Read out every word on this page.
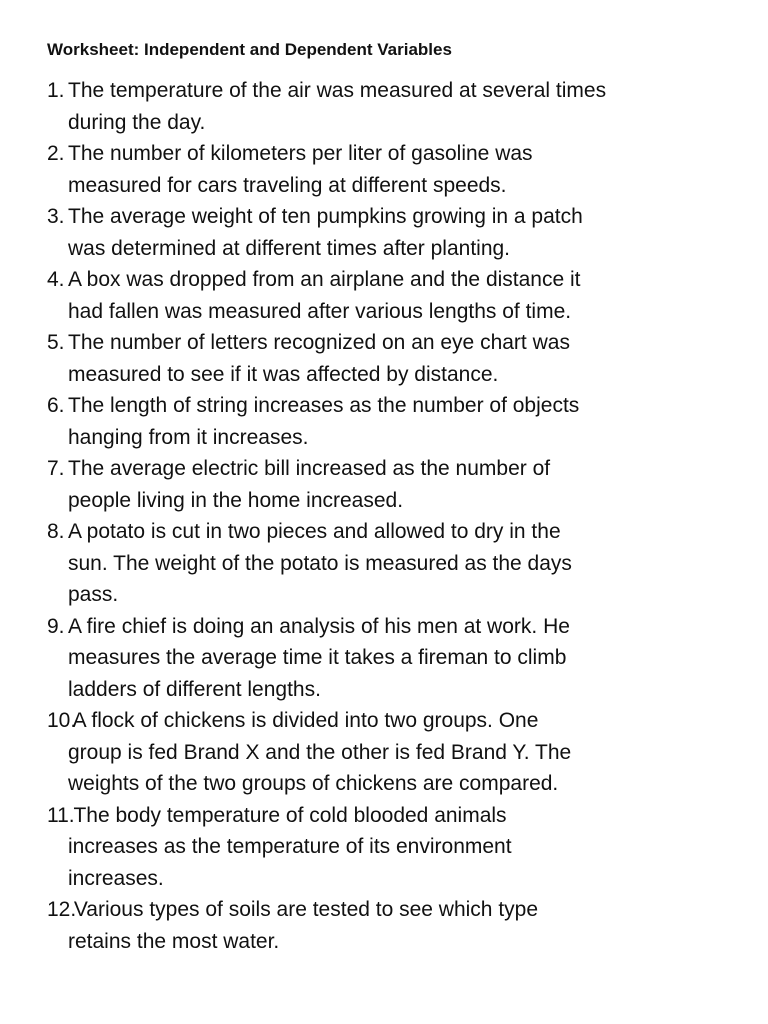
Worksheet: Independent and Dependent Variables
1. The temperature of the air was measured at several times
during the day.
2. The number of kilometers per liter of gasoline was
measured for cars traveling at different speeds.
3. The average weight of ten pumpkins growing in a patch
was determined at different times after planting.
4. A box was dropped from an airplane and the distance it
had fallen was measured after various lengths of time.
5. The number of letters recognized on an eye chart was
measured to see if it was affected by distance.
6. The length of string increases as the number of objects
hanging from it increases.
7. The average electric bill increased as the number of
people living in the home increased.
8. A potato is cut in two pieces and allowed to dry in the
sun. The weight of the potato is measured as the days
pass.
9. A fire chief is doing an analysis of his men at work. He
measures the average time it takes a fireman to climb
ladders of different lengths.
10.
A flock of chickens is divided into two groups. One
group is fed Brand X and the other is fed Brand Y. The
weights of the two groups of chickens are compared.
11.
The body temperature of cold blooded animals
increases as the temperature of its environment
increases.
12.
Various types of soils are tested to see which type
retains the most water.
